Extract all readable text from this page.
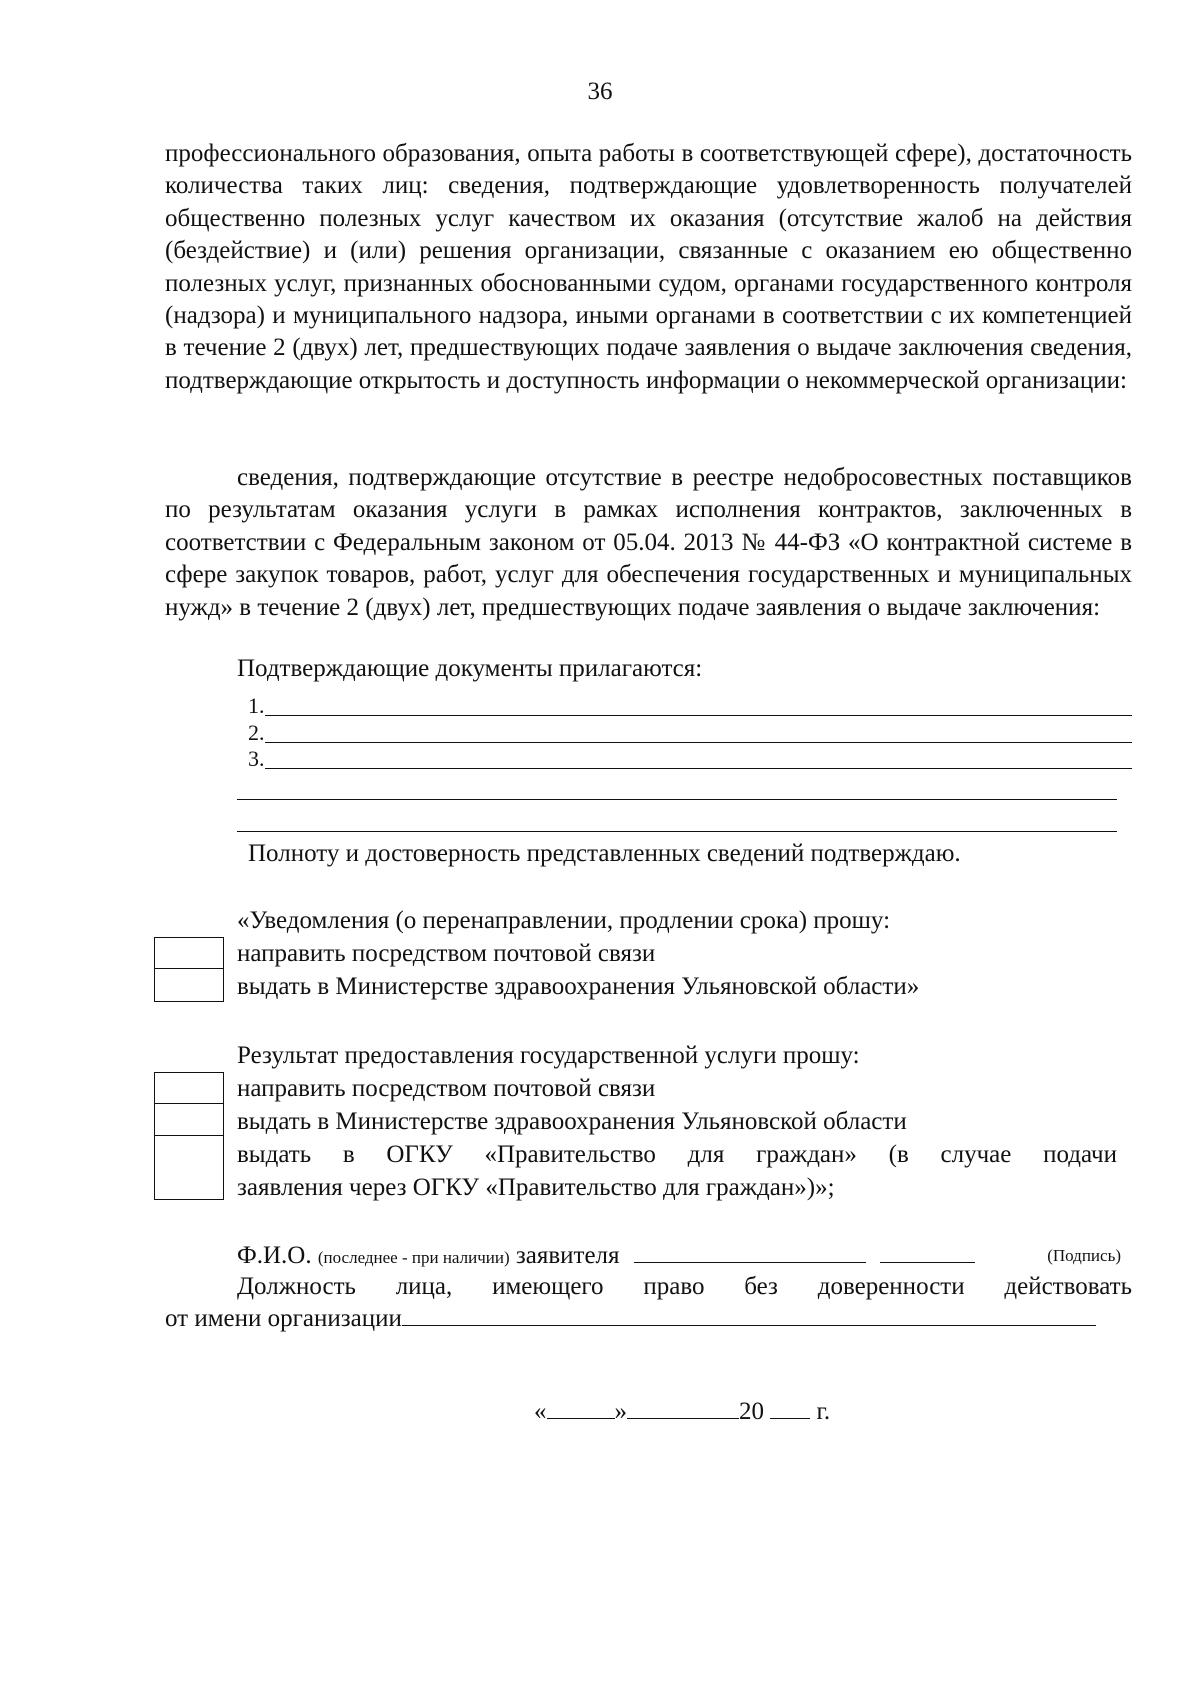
36
профессионального образования, опыта работы в соответствующей сфере), достаточность количества таких лиц: сведения, подтверждающие удовлетворенность получателей общественно полезных услуг качеством их оказания (отсутствие жалоб на действия (бездействие) и (или) решения организации, связанные с оказанием ею общественно полезных услуг, признанных обоснованными судом, органами государственного контроля (надзора) и муниципального надзора, иными органами в соответствии с их компетенцией в течение 2 (двух) лет, предшествующих подаче заявления о выдаче заключения сведения, подтверждающие открытость и доступность информации о некоммерческой организации:
сведения, подтверждающие отсутствие в реестре недобросовестных поставщиков по результатам оказания услуги в рамках исполнения контрактов, заключенных в соответствии с Федеральным законом от 05.04. 2013 № 44-ФЗ «О контрактной системе в сфере закупок товаров, работ, услуг для обеспечения государственных и муниципальных нужд» в течение 2 (двух) лет, предшествующих подаче заявления о выдаче заключения:
Подтверждающие документы прилагаются:
1.
2.
3.
Полноту и достоверность представленных сведений подтверждаю.
«Уведомления (о перенаправлении, продлении срока) прошу:
направить посредством почтовой связи
выдать в Министерстве здравоохранения Ульяновской области»
Результат предоставления государственной услуги прошу:
направить посредством почтовой связи
выдать в Министерстве здравоохранения Ульяновской области
выдать в ОГКУ «Правительство для граждан» (в случае подачи
заявления через ОГКУ «Правительство для граждан»)»;
Ф.И.О. (последнее - при наличии) заявителя	(Подпись)
Должность лица, имеющего право без доверенности действовать
от имени организации
«	»	20 г.
